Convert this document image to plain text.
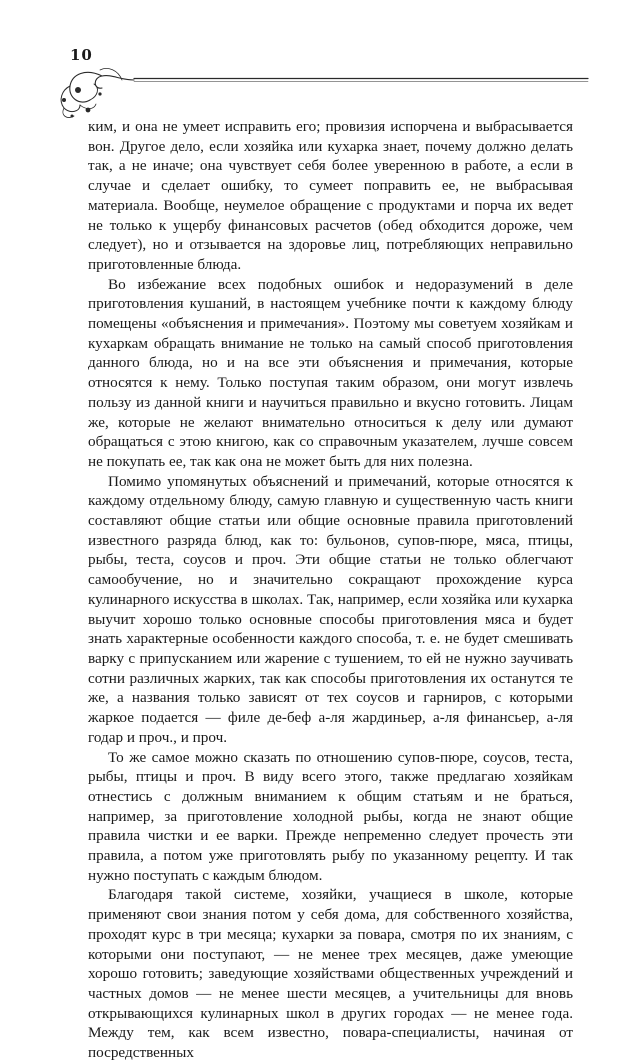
10

ким, и она не умеет исправить его; провизия испорчена и выбрасывается вон. Другое дело, если хозяйка или кухарка знает, почему должно делать так, а не иначе; она чувствует себя более уверенною в работе, а если в случае и сделает ошибку, то сумеет поправить ее, не выбрасывая материала. Вообще, неумелое обращение с продуктами и порча их ведет не только к ущербу финансовых расчетов (обед обходится дороже, чем следует), но и отзывается на здоровье лиц, потребляющих неправильно приготовленные блюда.

Во избежание всех подобных ошибок и недоразумений в деле приготовления кушаний, в настоящем учебнике почти к каждому блюду помещены «объяснения и примечания». Поэтому мы советуем хозяйкам и кухаркам обращать внимание не только на самый способ приготовления данного блюда, но и на все эти объяснения и примечания, которые относятся к нему. Только поступая таким образом, они могут извлечь пользу из данной книги и научиться правильно и вкусно готовить. Лицам же, которые не желают внимательно относиться к делу или думают обращаться с этою книгою, как со справочным указателем, лучше совсем не покупать ее, так как она не может быть для них полезна.

Помимо упомянутых объяснений и примечаний, которые относятся к каждому отдельному блюду, самую главную и существенную часть книги составляют общие статьи или общие основные правила приготовлений известного разряда блюд, как то: бульонов, супов-пюре, мяса, птицы, рыбы, теста, соусов и проч. Эти общие статьи не только облегчают самообучение, но и значительно сокращают прохождение курса кулинарного искусства в школах. Так, например, если хозяйка или кухарка выучит хорошо только основные способы приготовления мяса и будет знать характерные особенности каждого способа, т. е. не будет смешивать варку с припусканием или жарение с тушением, то ей не нужно заучивать сотни различных жарких, так как способы приготовления их останутся те же, а названия только зависят от тех соусов и гарниров, с которыми жаркое подается — филе де-беф а-ля жардиньер, а-ля финансьер, а-ля годар и проч., и проч.

То же самое можно сказать по отношению супов-пюре, соусов, теста, рыбы, птицы и проч. В виду всего этого, также предлагаю хозяйкам отнестись с должным вниманием к общим статьям и не браться, например, за приготовление холодной рыбы, когда не знают общие правила чистки и ее варки. Прежде непременно следует прочесть эти правила, а потом уже приготовлять рыбу по указанному рецепту. И так нужно поступать с каждым блюдом.

Благодаря такой системе, хозяйки, учащиеся в школе, которые применяют свои знания потом у себя дома, для собственного хозяйства, проходят курс в три месяца; кухарки за повара, смотря по их знаниям, с которыми они поступают, — не менее трех месяцев, даже умеющие хорошо готовить; заведующие хозяйствами общественных учреждений и частных домов — не менее шести месяцев, а учительницы для вновь открывающихся кулинарных школ в других городах — не менее года. Между тем, как всем известно, повара-специалисты, начиная от посредственных
